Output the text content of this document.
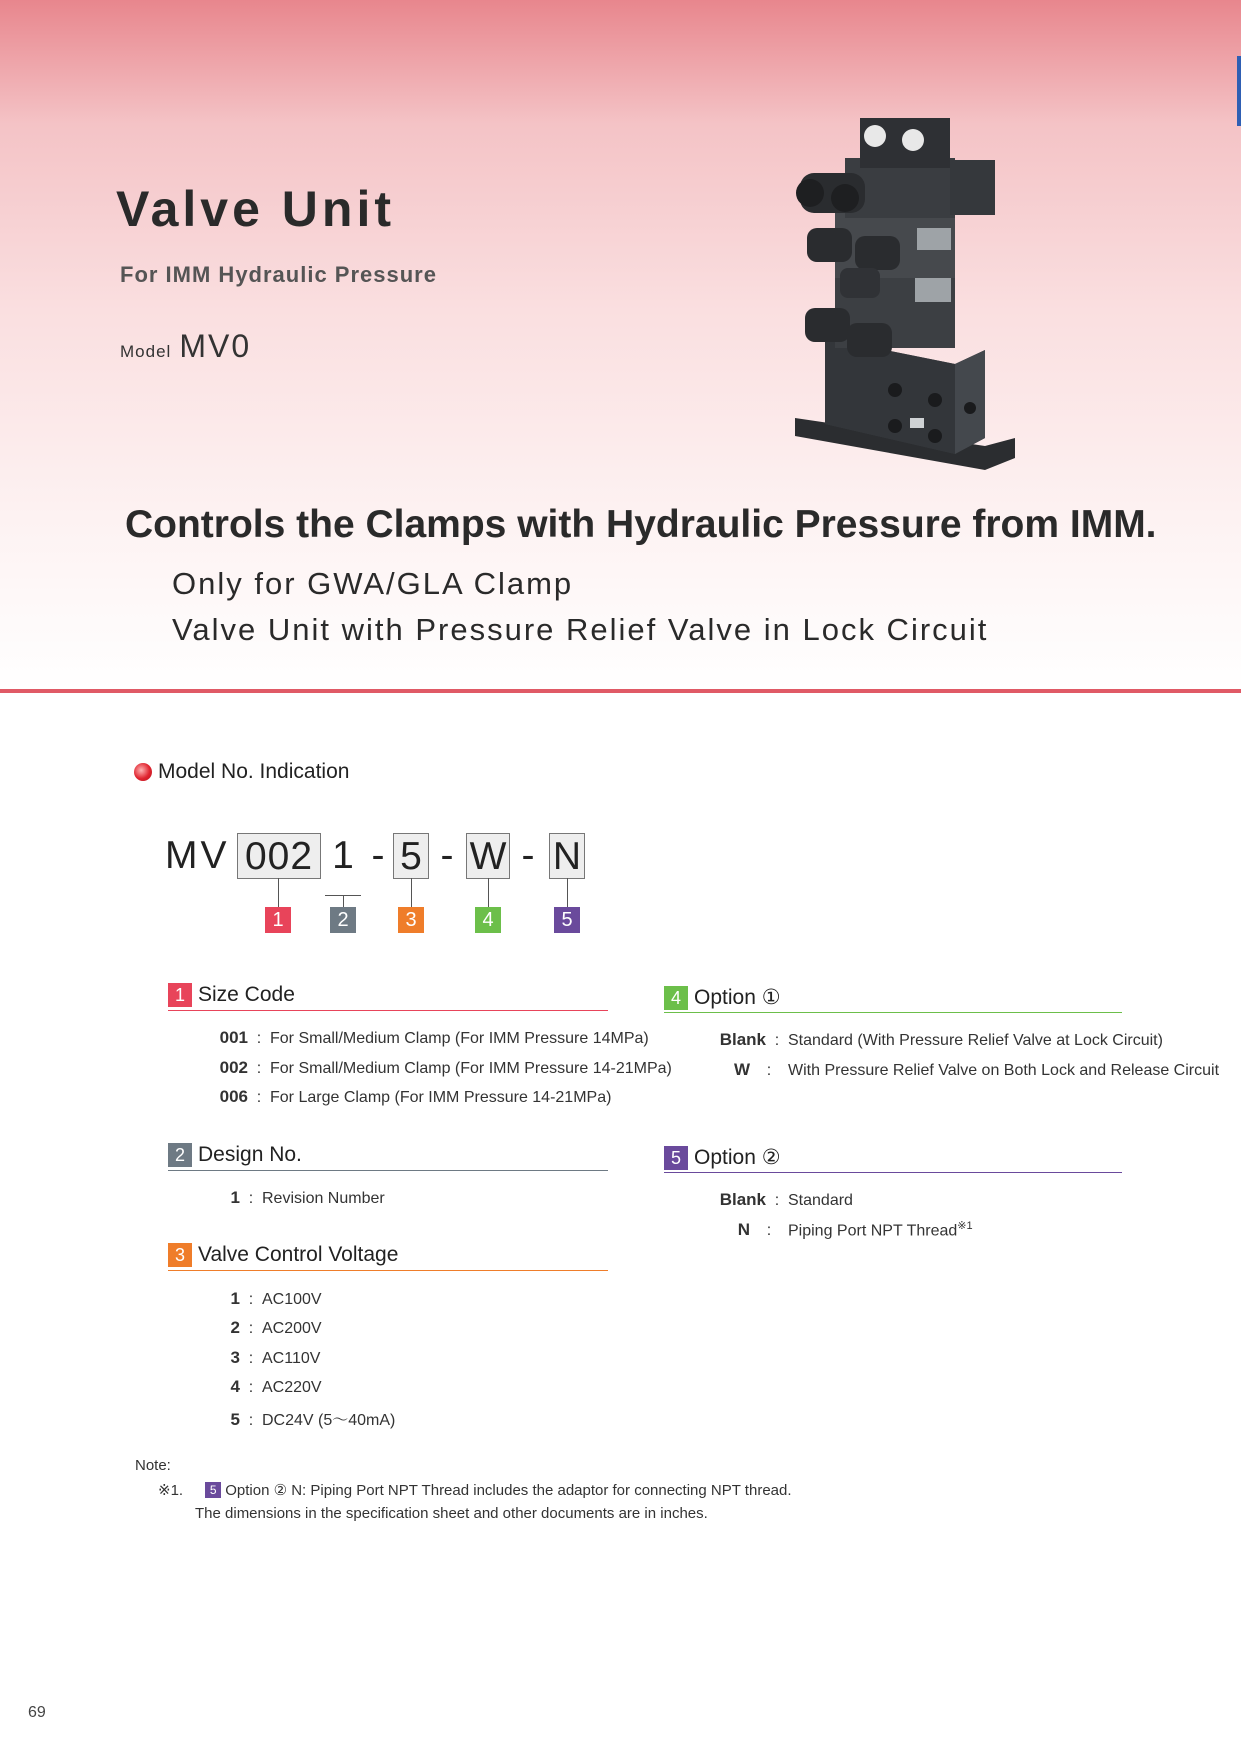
Valve Unit
For IMM Hydraulic Pressure
Model MV0
Controls the Clamps with Hydraulic Pressure from IMM.
Only for GWA/GLA Clamp
Valve Unit with Pressure Relief Valve in Lock Circuit
Model No. Indication
MV 002 1 - 5 - W - N
1	2	3	4	5
1 Size Code
001 : For Small/Medium Clamp (For IMM Pressure 14MPa)
002 : For Small/Medium Clamp (For IMM Pressure 14-21MPa)
006 : For Large Clamp (For IMM Pressure 14-21MPa)
2 Design No.
1 : Revision Number
3 Valve Control Voltage
1 : AC100V
2 : AC200V
3 : AC110V
4 : AC220V
5 : DC24V (5～40mA)
4 Option ①
Blank : Standard (With Pressure Relief Valve at Lock Circuit)
W : With Pressure Relief Valve on Both Lock and Release Circuit
5 Option ②
Blank : Standard
N : Piping Port NPT Thread$^{※1}$
Note:
※1. 5 Option ② N: Piping Port NPT Thread includes the adaptor for connecting NPT thread.
The dimensions in the specification sheet and other documents are in inches.
69
